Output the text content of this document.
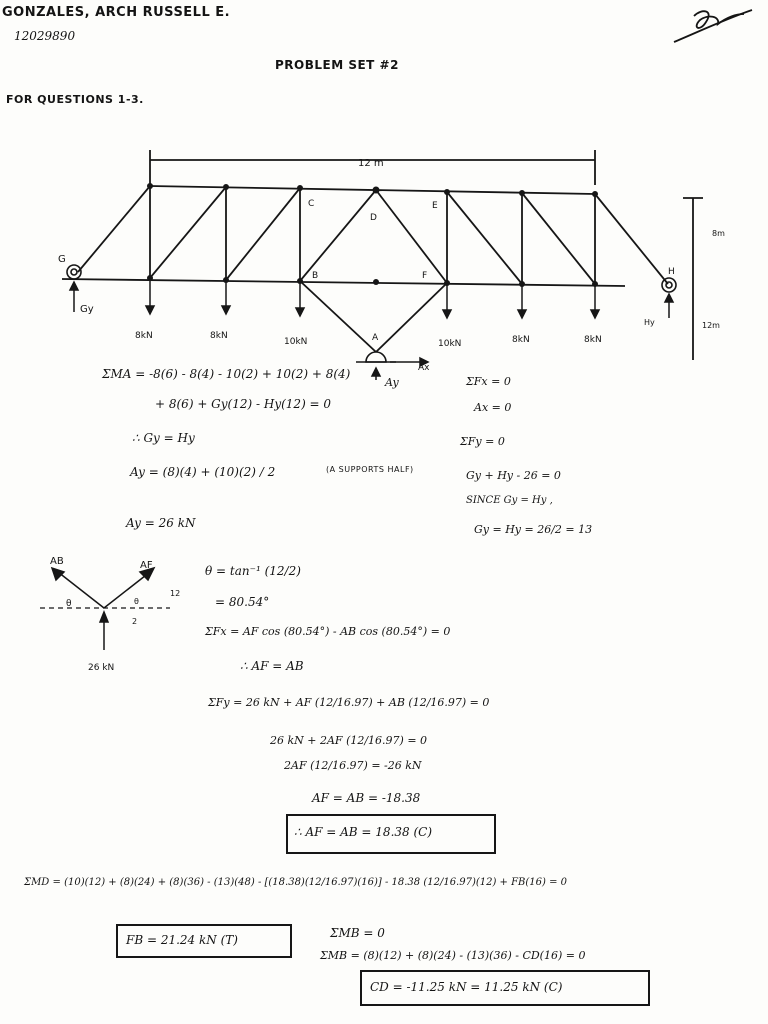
GONZALES, ARCH RUSSELL E.
12029890
PROBLEM SET #2
FOR QUESTIONS 1-3.
12 m
G
C
D
E
B	F
A
H
Gy
Hy
Ax
8m
12m
8kN	8kN
10kN	10kN	8kN	8kN
ΣMA = -8(6) - 8(4) - 10(2) + 10(2) + 8(4)
+ 8(6) + Gy(12) - Hy(12) = 0
Ay	ΣFx = 0
Ax = 0
∴ Gy = Hy	ΣFy = 0
Ay = (8)(4) + (10)(2) / 2	(A SUPPORTS HALF)	Gy + Hy - 26 = 0
SINCE Gy = Hy ,
Ay = 26 kN	Gy = Hy = 26/2 = 13
AB	AF
θ	θ
12
2
26 kN
θ = tan⁻¹ (12/2)
= 80.54°
ΣFx = AF cos (80.54°) - AB cos (80.54°) = 0
∴ AF = AB
ΣFy = 26 kN + AF (12/16.97) + AB (12/16.97) = 0
26 kN + 2AF (12/16.97) = 0
2AF (12/16.97) = -26 kN
AF = AB = -18.38
∴ AF = AB = 18.38 (C)
ΣMD = (10)(12) + (8)(24) + (8)(36) - (13)(48) - [(18.38)(12/16.97)(16)] - 18.38 (12/16.97)(12) + FB(16) = 0
FB = 21.24 kN (T)	ΣMB = 0
ΣMB = (8)(12) + (8)(24) - (13)(36) - CD(16) = 0
CD = -11.25 kN = 11.25 kN (C)
